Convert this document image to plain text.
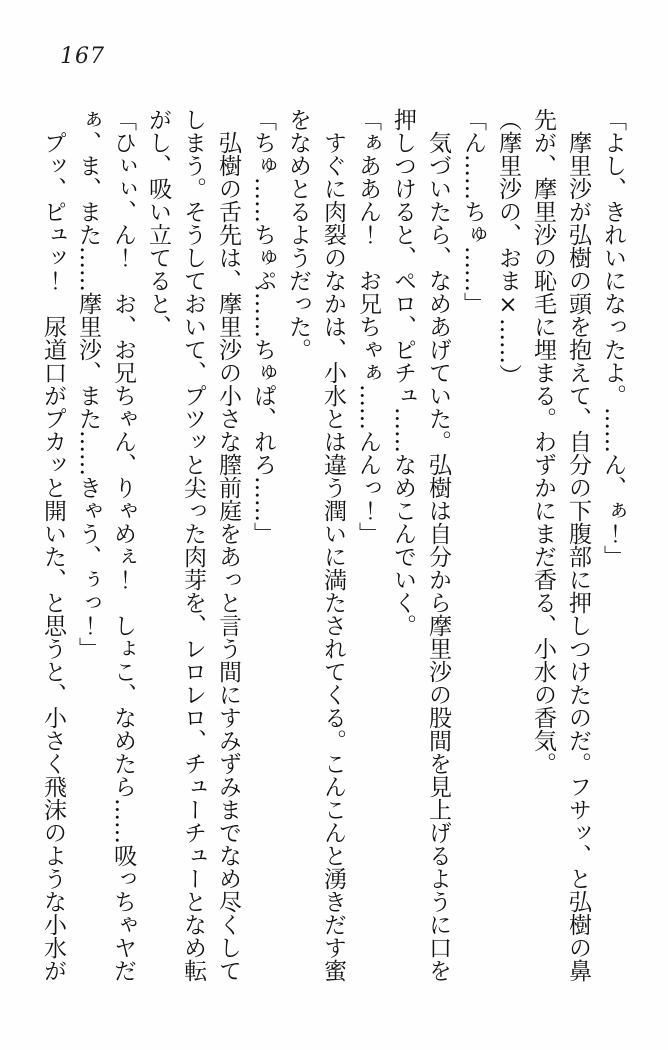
167
「よし、きれいになったよ。……ん、ぁ！」
　摩里沙が弘樹の頭を抱えて、自分の下腹部に押しつけたのだ。フサッ、と弘樹の鼻
先が、摩里沙の恥毛に埋まる。わずかにまだ香る、小水の香気。
（摩里沙の、おま×……）
「ん……ちゅ……」
　気づいたら、なめあげていた。弘樹は自分から摩里沙の股間を見上げるように口を
押しつけると、ペロ、ピチュ……なめこんでいく。
「ぁああん！　お兄ちゃぁ……んんっ！」
　すぐに肉裂のなかは、小水とは違う潤いに満たされてくる。こんこんと湧きだす蜜
をなめとるようだった。
「ちゅ……ちゅぷ……ちゅぱ、れろ……」
　弘樹の舌先は、摩里沙の小さな膣前庭をあっと言う間にすみずみまでなめ尽くして
しまう。そうしておいて、プツッと尖った肉芽を、レロレロ、チューチューとなめ転
がし、吸い立てると、
「ひぃぃ、ん！　お、お兄ちゃん、りゃめぇ！　しょこ、なめたら……吸っちゃヤだ
ぁ、ま、また……摩里沙、また……きゃう、ぅっ！」
　プッ、ピュッ！　尿道口がプカッと開いた、と思うと、小さく飛沫のような小水が
